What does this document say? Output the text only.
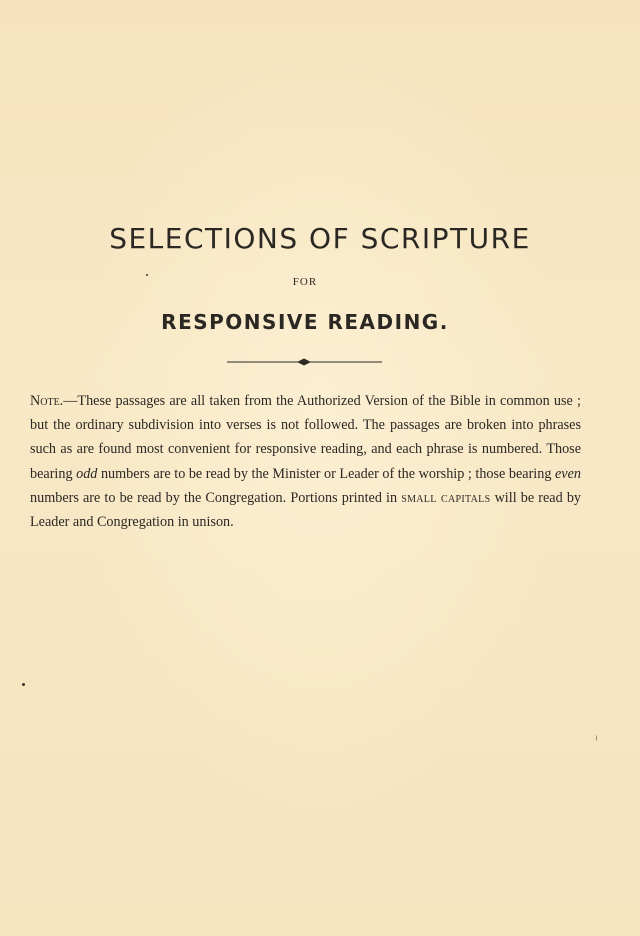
SELECTIONS OF SCRIPTURE

FOR

RESPONSIVE READING.

Note.—These passages are all taken from the Authorized Version of the Bible in common use ; but the ordinary subdivision into verses is not followed. The passages are broken into phrases such as are found most convenient for responsive reading, and each phrase is numbered. Those bearing odd numbers are to be read by the Minister or Leader of the worship ; those bearing even numbers are to be read by the Congregation. Portions printed in small capitals will be read by Leader and Congregation in unison.
